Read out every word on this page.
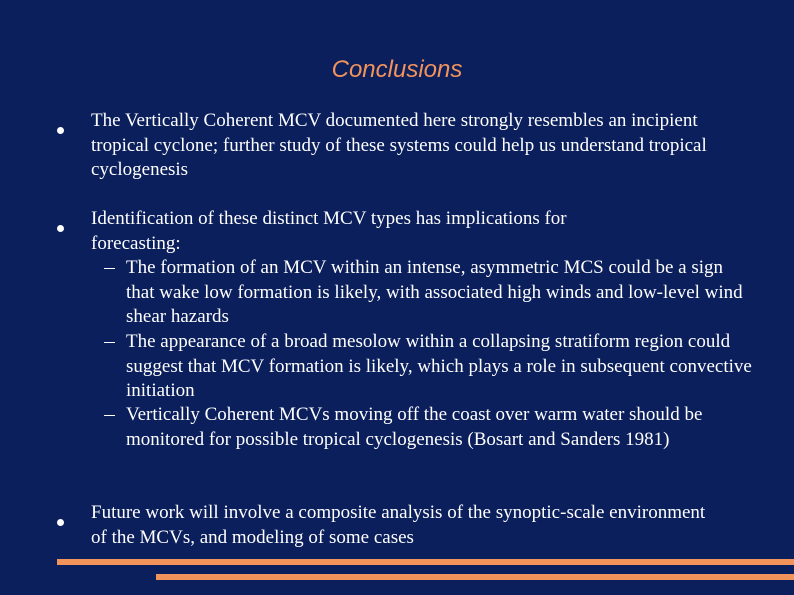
Conclusions
The Vertically Coherent MCV documented here strongly resembles an incipient tropical cyclone; further study of these systems could help us understand tropical cyclogenesis
Identification of these distinct MCV types has implications for forecasting:
The formation of an MCV within an intense, asymmetric MCS could be a sign that wake low formation is likely, with associated high winds and low-level wind shear hazards
The appearance of a broad mesolow within a collapsing stratiform region could suggest that MCV formation is likely, which plays a role in subsequent convective initiation
Vertically Coherent MCVs moving off the coast over warm water should be monitored for possible tropical cyclogenesis (Bosart and Sanders 1981)
Future work will involve a composite analysis of the synoptic-scale environment of the MCVs, and modeling of some cases
